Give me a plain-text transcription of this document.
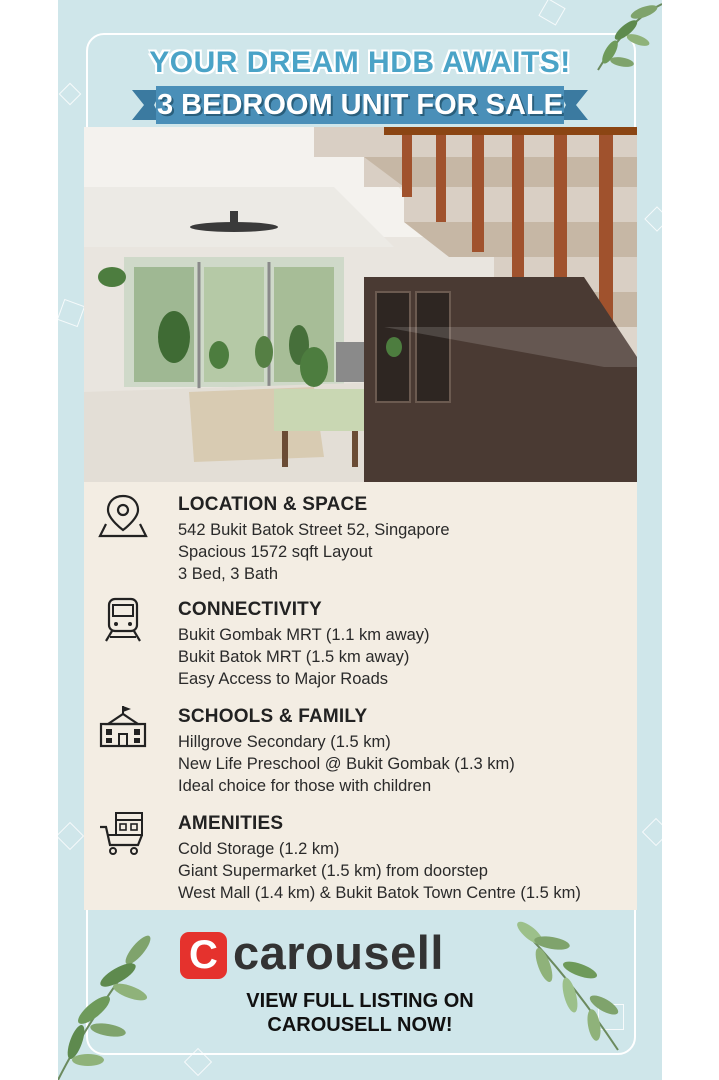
YOUR DREAM HDB AWAITS!
3 BEDROOM UNIT FOR SALE
LOCATION & SPACE
542 Bukit Batok Street 52, Singapore
Spacious 1572 sqft Layout
3 Bed, 3 Bath
CONNECTIVITY
Bukit Gombak MRT (1.1 km away)
Bukit Batok MRT (1.5 km away)
Easy Access to Major Roads
SCHOOLS & FAMILY
Hillgrove Secondary (1.5 km)
New Life Preschool @ Bukit Gombak (1.3 km)
Ideal choice for those with children
AMENITIES
Cold Storage (1.2 km)
Giant Supermarket (1.5 km) from doorstep
West Mall (1.4 km) & Bukit Batok Town Centre (1.5 km)
C carousell
VIEW FULL LISTING ON
CAROUSELL NOW!
